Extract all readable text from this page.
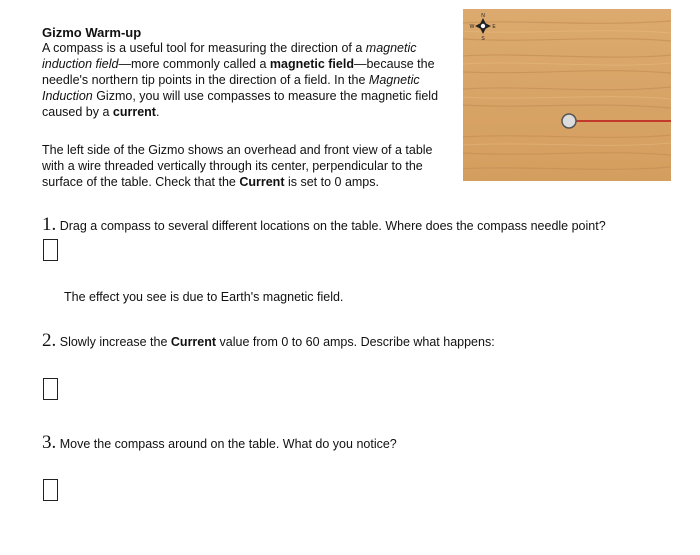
Gizmo Warm-up
A compass is a useful tool for measuring the direction of a magnetic induction field—more commonly called a magnetic field—because the needle's northern tip points in the direction of a field. In the Magnetic Induction Gizmo, you will use compasses to measure the magnetic field caused by a current.
The left side of the Gizmo shows an overhead and front view of a table with a wire threaded vertically through its center, perpendicular to the surface of the table. Check that the Current is set to 0 amps.
N
S
E
W
1. Drag a compass to several different locations on the table. Where does the compass needle point?
The effect you see is due to Earth's magnetic field.
2. Slowly increase the Current value from 0 to 60 amps. Describe what happens:
3. Move the compass around on the table. What do you notice?
